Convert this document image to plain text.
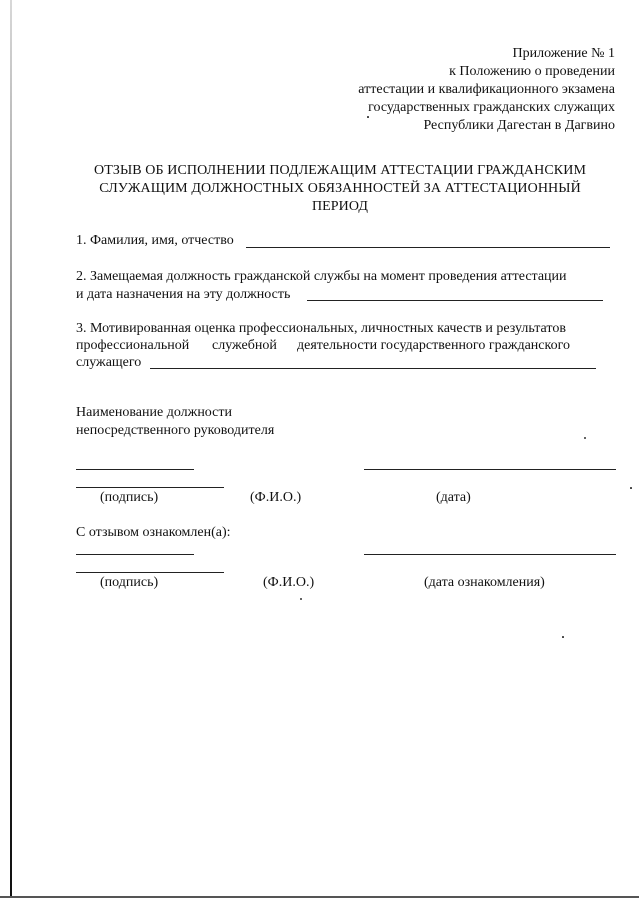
Приложение № 1
к Положению о проведении
аттестации и квалификационного экзамена
государственных гражданских служащих
Республики Дагестан в Дагвино
ОТЗЫВ ОБ ИСПОЛНЕНИИ ПОДЛЕЖАЩИМ АТТЕСТАЦИИ ГРАЖДАНСКИМ
СЛУЖАЩИМ ДОЛЖНОСТНЫХ ОБЯЗАННОСТЕЙ ЗА АТТЕСТАЦИОННЫЙ
ПЕРИОД
1. Фамилия, имя, отчество
2. Замещаемая должность гражданской службы на момент проведения аттестации
и дата назначения на эту должность
3. Мотивированная оценка профессиональных, личностных качеств и результатов
профессиональной служебной деятельности государственного гражданского
служащего
Наименование должности
непосредственного руководителя
(подпись)	(Ф.И.О.)	(дата)
С отзывом ознакомлен(а):
(подпись)	(Ф.И.О.)	(дата ознакомления)
